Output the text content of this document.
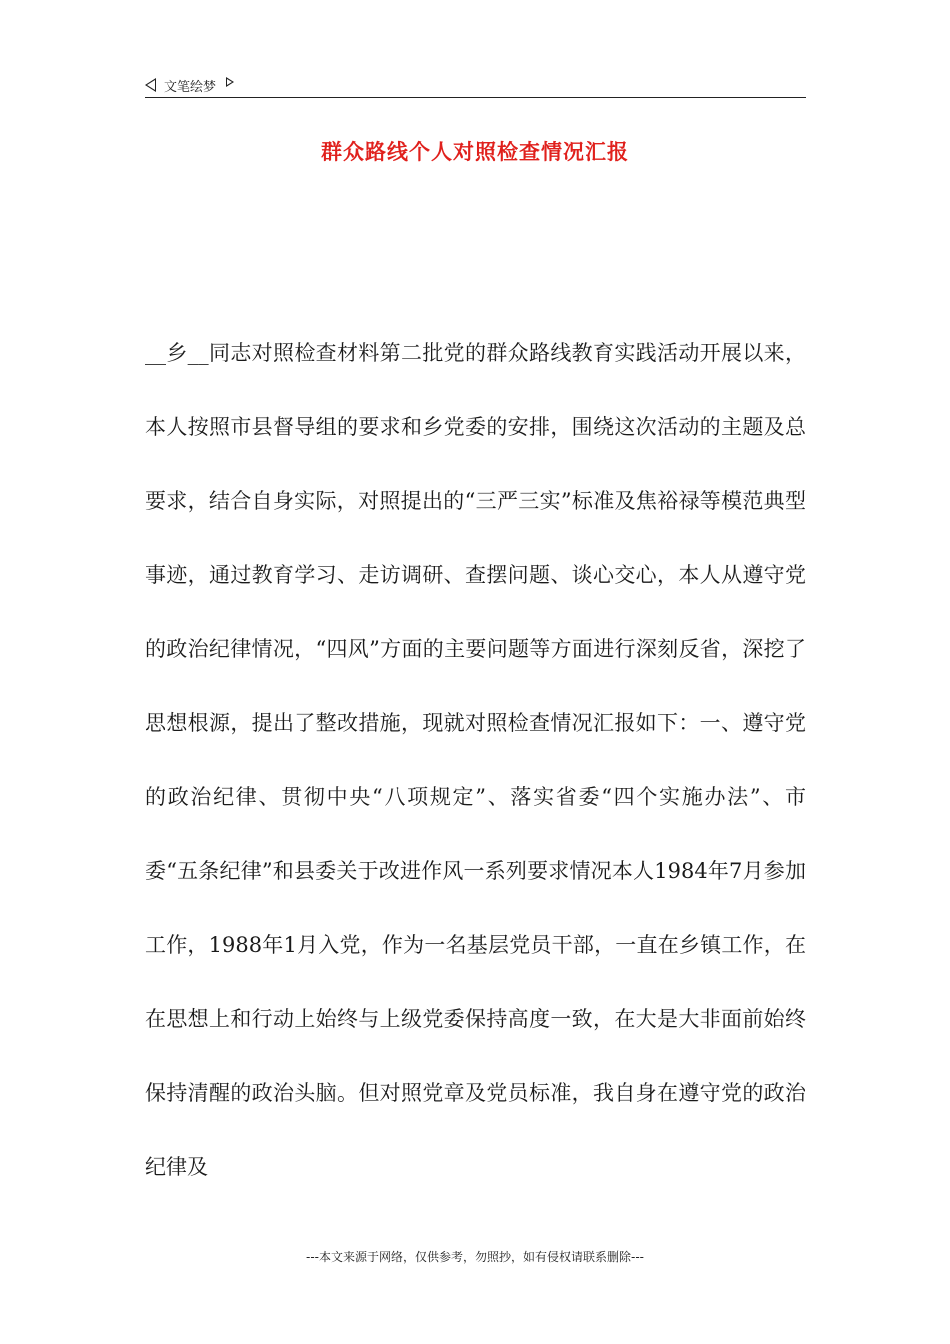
文笔绘梦
群众路线个人对照检查情况汇报
__乡__同志对照检查材料第二批党的群众路线教育实践活动开展以来，本人按照市县督导组的要求和乡党委的安排，围绕这次活动的主题及总要求，结合自身实际，对照提出的“三严三实”标准及焦裕禄等模范典型事迹，通过教育学习、走访调研、查摆问题、谈心交心，本人从遵守党的政治纪律情况，“四风”方面的主要问题等方面进行深刻反省，深挖了思想根源，提出了整改措施，现就对照检查情况汇报如下：一、遵守党的政治纪律、贯彻中央“八项规定”、落实省委“四个实施办法”、市委“五条纪律”和县委关于改进作风一系列要求情况本人1984年7月参加工作，1988年1月入党，作为一名基层党员干部，一直在乡镇工作，在在思想上和行动上始终与上级党委保持高度一致，在大是大非面前始终保持清醒的政治头脑。但对照党章及党员标准，我自身在遵守党的政治纪律及
---本文来源于网络，仅供参考，勿照抄，如有侵权请联系删除---
